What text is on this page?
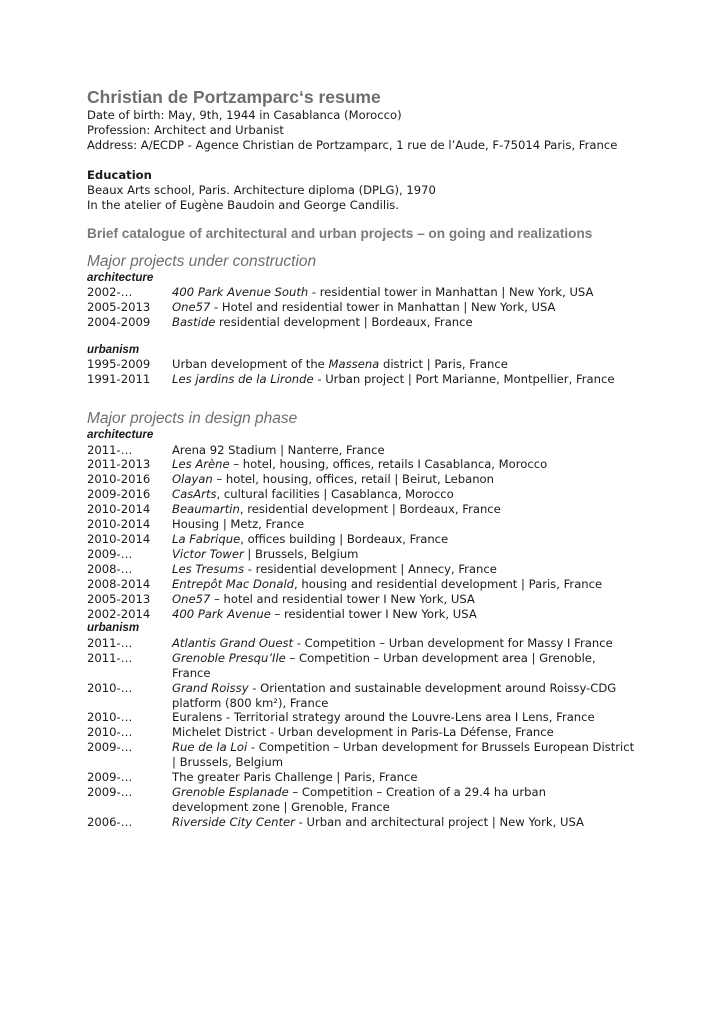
Christian de Portzamparc‘s resume
Date of birth: May, 9th, 1944 in Casablanca (Morocco)
Profession: Architect and Urbanist
Address: A/ECDP - Agence Christian de Portzamparc, 1 rue de l’Aude, F-75014 Paris, France
Education
Beaux Arts school, Paris. Architecture diploma (DPLG), 1970
In the atelier of Eugène Baudoin and George Candilis.
Brief catalogue of architectural and urban projects – on going and realizations
Major projects under construction
architecture
2002-…	400 Park Avenue South - residential tower in Manhattan | New York, USA
2005-2013	One57 - Hotel and residential tower in Manhattan | New York, USA
2004-2009	Bastide residential development | Bordeaux, France
urbanism
1995-2009	Urban development of the Massena district | Paris, France
1991-2011	Les jardins de la Lironde - Urban project | Port Marianne, Montpellier, France
Major projects in design phase
architecture
2011-…	Arena 92 Stadium | Nanterre, France
2011-2013	Les Arène – hotel, housing, offices, retails I Casablanca, Morocco
2010-2016	Olayan – hotel, housing, offices, retail | Beirut, Lebanon
2009-2016	CasArts, cultural facilities | Casablanca, Morocco
2010-2014	Beaumartin, residential development | Bordeaux, France
2010-2014	Housing | Metz, France
2010-2014	La Fabrique, offices building | Bordeaux, France
2009-…	Victor Tower | Brussels, Belgium
2008-…	Les Tresums - residential development | Annecy, France
2008-2014	Entrepôt Mac Donald, housing and residential development | Paris, France
2005-2013	One57 – hotel and residential tower I New York, USA
2002-2014	400 Park Avenue – residential tower I New York, USA
urbanism
2011-…	Atlantis Grand Ouest - Competition – Urban development for Massy I France
2011-…	Grenoble Presqu’Ile – Competition – Urban development area | Grenoble,
France
2010-…	Grand Roissy - Orientation and sustainable development around Roissy-CDG
platform (800 km²), France
2010-…	Euralens - Territorial strategy around the Louvre-Lens area I Lens, France
2010-…	Michelet District - Urban development in Paris-La Défense, France
2009-…	Rue de la Loi - Competition – Urban development for Brussels European District
| Brussels, Belgium
2009-…	The greater Paris Challenge | Paris, France
2009-…	Grenoble Esplanade – Competition – Creation of a 29.4 ha urban
development zone | Grenoble, France
2006-…	Riverside City Center - Urban and architectural project | New York, USA
